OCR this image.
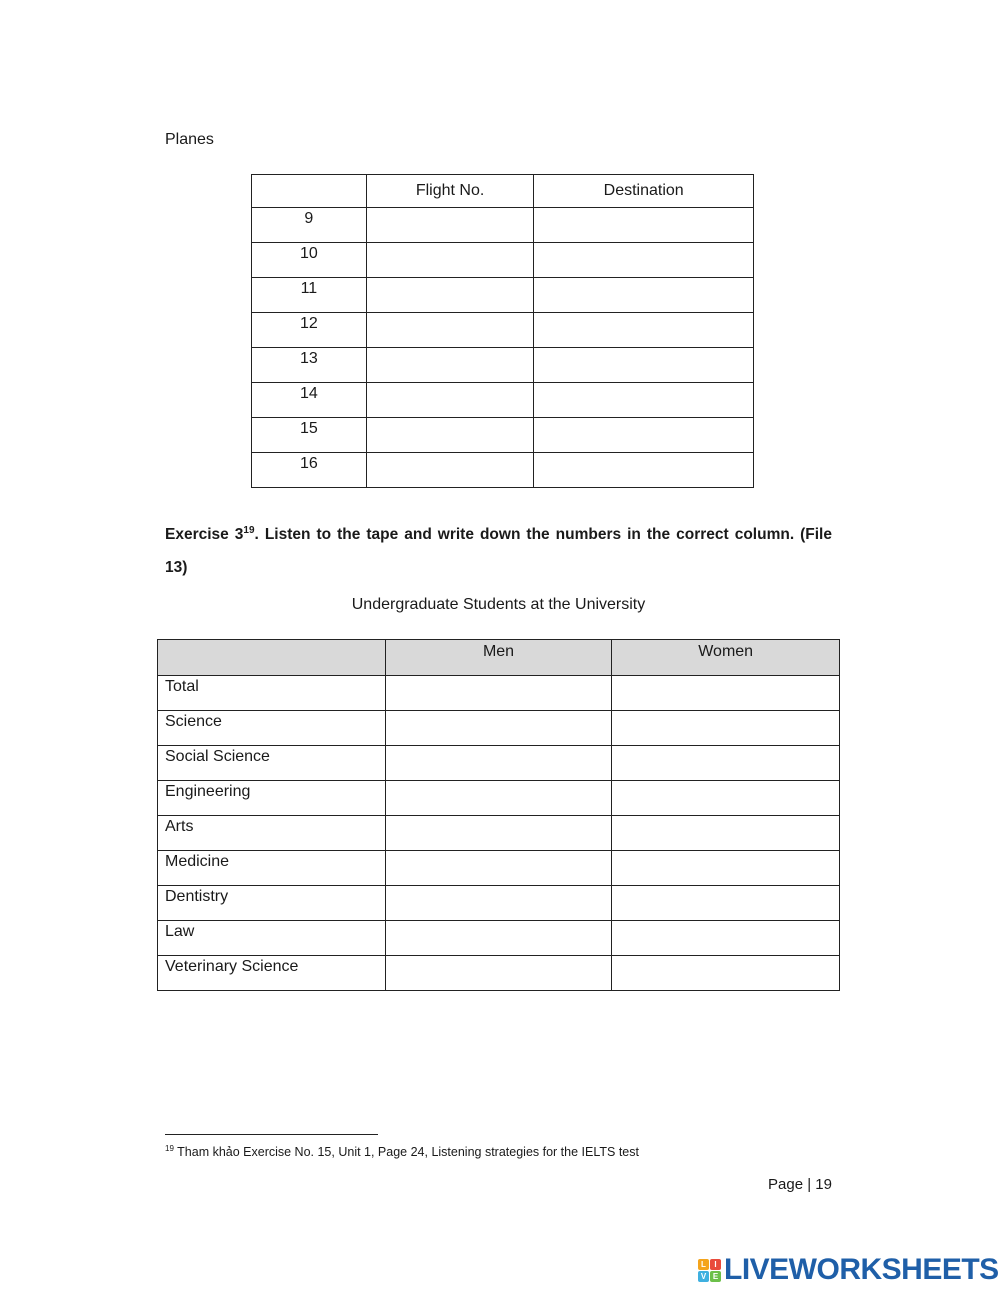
Planes
	Flight No.	Destination
9		
10		
11		
12		
13		
14		
15		
16		
Exercise $3^{19}$. Listen to the tape and write down the numbers in the correct column. (File 13)
Undergraduate Students at the University
	Men	Women
Total		
Science		
Social Science		
Engineering		
Arts		
Medicine		
Dentistry		
Law		
Veterinary Science		
$^{19}$ Tham khảo Exercise No. 15, Unit 1, Page 24, Listening strategies for the IELTS test
Page | 19
L	I
V E LIVEWORKSHEETS
